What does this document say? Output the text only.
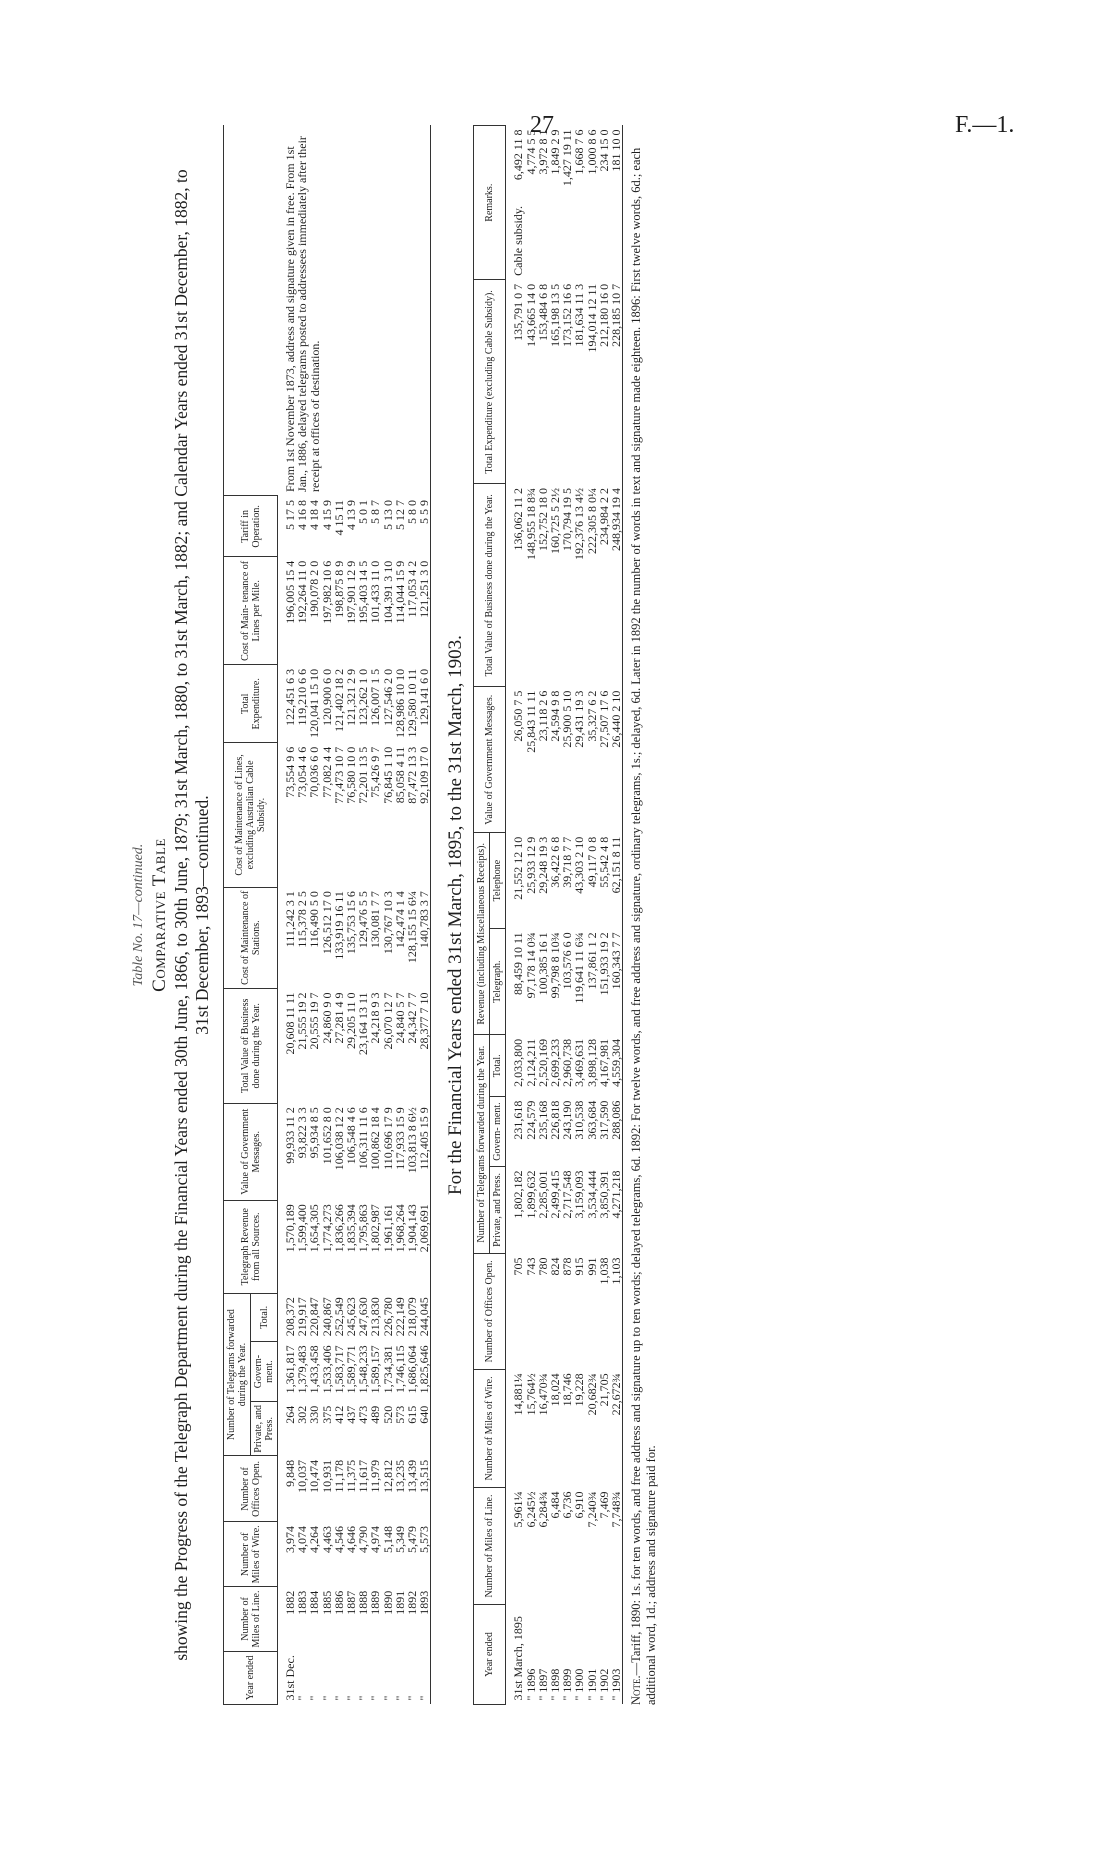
27	F.—1.
Table No. 17—continued. Comparative Table showing the Progress of the Telegraph Department during the Financial Years ended 30th June, 1866, to 30th June, 1879; 31st March, 1880, to 31st March, 1882; and Calendar Years ended 31st December, 1882, to 31st December, 1893—continued.
Year ended	Number of Miles of Line.	Number of Miles of Wire.	Number of Offices Open.	Number of Telegrams forwarded during the Year.			Telegraph Revenue from all Sources.	Value of Government Messages.	Total Value of Business done during the Year.	Cost of Maintenance of Stations.	Cost of Maintenance of Lines, excluding Australian Cable Subsidy.	Total Expenditure.	Cost of Main- tenance of Lines per Mile.	Tariff in Operation.	
				Private, and Press.	Govern- ment.	Total.									
31st Dec.	1882	3,974	9,848	264	1,361,817	208,372	1,570,189	99,933 11 2	20,608 11 11	111,242 3 1	73,554 9 6	122,451 6 3	196,005 15 4	5 17 5	From 1st November 1873, address and signature given in free. From 1st Jan., 1886, delayed telegrams posted to addressees immediately after their receipt at offices of destination.
"	1883	4,074	10,037	302	1,379,483	219,917	1,599,400	93,822 3 3	21,555 19 2	115,378 2 5	73,054 4 6	119,210 6 6	192,264 11 0	4 16 8	
"	1884	4,264	10,474	330	1,433,458	220,847	1,654,305	95,934 8 5	20,555 19 7	116,490 5 0	70,036 6 0	120,041 15 10	190,078 2 0	4 18 4	
"	1885	4,463	10,931	375	1,533,406	240,867	1,774,273	101,652 8 0	24,860 9 0	126,512 17 0	77,082 4 4	120,900 6 0	197,982 10 6	4 15 9	
"	1886	4,546	11,178	412	1,583,717	252,549	1,836,266	106,038 12 2	27,281 4 9	133,919 16 11	77,473 10 7	121,402 18 2	198,875 8 9	4 15 11	
"	1887	4,646	11,375	437	1,589,771	245,623	1,835,394	106,548 4 6	29,205 11 0	135,753 15 6	76,580 10 0	121,321 2 9	197,901 12 9	4 13 9	
"	1888	4,790	11,617	473	1,548,233	247,630	1,795,863	106,311 11 6	23,164 13 11	129,476 5 5	72,201 13 5	123,262 1 0	195,403 14 5	5 0 1	
"	1889	4,974	11,979	489	1,589,157	213,830	1,802,987	100,862 18 4	24,218 9 3	130,081 7 7	75,426 9 7	126,007 1 5	101,433 11 0	5 8 7	
"	1890	5,148	12,812	520	1,734,381	226,780	1,961,161	110,696 17 9	26,070 12 7	130,767 10 3	76,845 1 10	127,546 2 0	104,391 3 10	5 13 0	
"	1891	5,349	13,235	573	1,746,115	222,149	1,968,264	117,933 15 9	24,840 5 7	142,474 1 4	85,058 4 11	128,986 10 10	114,044 15 9	5 12 7	
"	1892	5,479	13,439	615	1,686,064	218,079	1,904,143	103,813 8 6½	24,342 7 7	128,155 15 6¼	87,472 13 3	129,580 10 11	117,053 4 2	5 8 0	
"	1893	5,573	13,515	640	1,825,646	244,045	2,069,691	112,405 15 9	28,377 7 10	140,783 3 7	92,109 17 0	129,141 6 0	121,251 3 0	5 5 9	
For the Financial Years ended 31st March, 1895, to the 31st March, 1903.
Year ended	Number of Miles of Line.	Number of Miles of Wire.	Number of Offices Open.	Number of Telegrams forwarded during the Year.			Revenue (including Miscellaneous Receipts).		Value of Government Messages.	Total Value of Business done during the Year.	Total Expenditure (excluding Cable Subsidy).	Remarks.	
				Private, and Press.	Govern- ment.	Total.	Telegraph.	Telephone					
31st March, 1895	5,961¼	14,881¼	705	1,802,182	231,618	2,033,800	88,459 10 11	21,552 12 10	26,050 7 5	136,062 11 2	135,791 0 7	Cable subsidy.	6,492 11 8
" 1896	6,245½	15,764½	743	1,899,632	224,579	2,124,211	97,178 14 0¾	25,933 12 9	25,843 11 11	148,955 18 8¾	143,665 14 0		4,774 5 5
" 1897	6,284¾	16,470¾	780	2,285,001	235,168	2,520,169	100,385 16 1	29,248 19 3	23,118 2 6	152,752 18 0	153,484 6 8		3,972 8 1
" 1898	6,484	18,024	824	2,499,415	226,818	2,699,233	99,798 8 10¾	36,422 6 8	24,594 9 8	160,725 5 2½	165,198 13 5		1,849 2 9
" 1899	6,736	18,746	878	2,717,548	243,190	2,960,738	103,576 6 0	39,718 7 7	25,900 5 10	170,794 19 5	173,152 16 6		1,427 19 11
" 1900	6,910	19,228	915	3,159,093	310,538	3,469,631	119,641 11 6¾	43,303 2 10	29,431 19 3	192,376 13 4½	181,634 11 3		1,668 7 6
" 1901	7,240¾	20,682¾	991	3,534,444	363,684	3,898,128	137,861 1 2	49,117 0 8	35,327 6 2	222,305 8 0¼	194,014 12 11		1,000 8 6
" 1902	7,469	21,705	1,038	3,850,391	317,590	4,167,981	151,933 19 2	55,542 4 8	27,507 17 6	234,984 2 2	212,180 16 0		234 15 0
" 1903	7,748¾	22,672¾	1,103	4,271,218	288,086	4,559,304	160,343 7 7	62,151 8 11	26,440 2 10	248,934 19 4	228,185 10 7		181 10 0
Note.—Tariff, 1890: 1s. for ten words, and free address and signature up to ten words; delayed telegrams, 6d. 1892: For twelve words, and free address and signature, ordinary telegrams, 1s.; delayed, 6d. Later in 1892 the number of words in text and signature made eighteen. 1896: First twelve words, 6d.; each additional word, 1d.; address and signature paid for.
